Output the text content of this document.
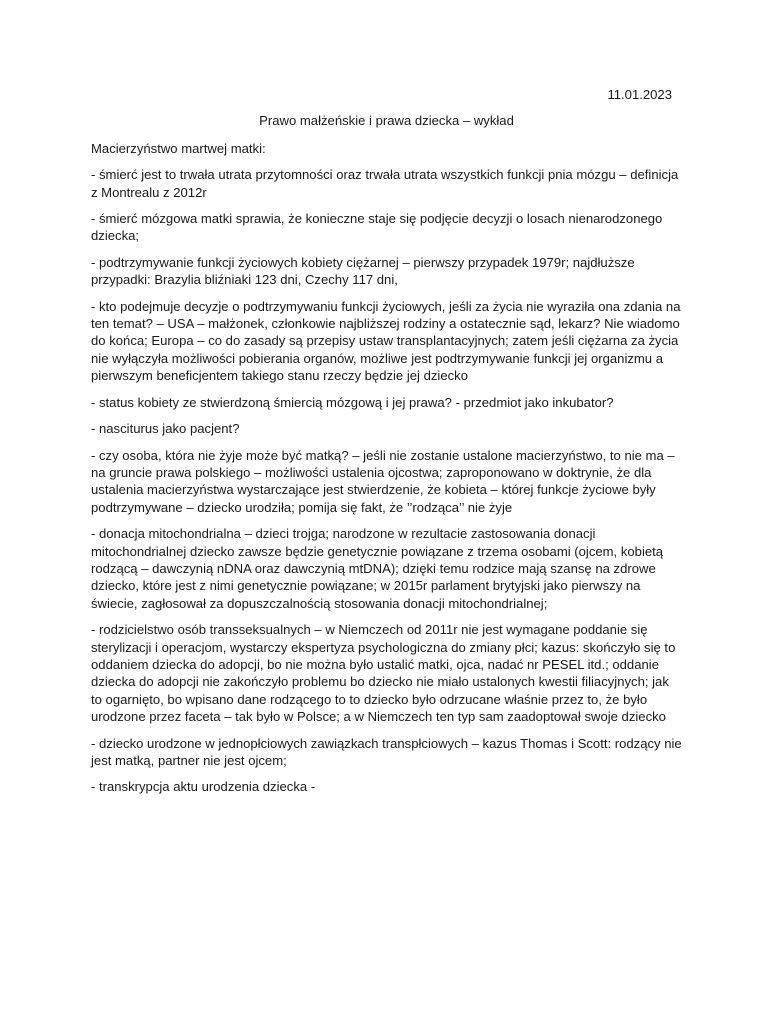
11.01.2023
Prawo małżeńskie i prawa dziecka – wykład
Macierzyństwo martwej matki:

- śmierć jest to trwała utrata przytomności oraz trwała utrata wszystkich funkcji pnia mózgu – definicja z Montrealu z 2012r

- śmierć mózgowa matki sprawia, że konieczne staje się podjęcie decyzji o losach nienarodzonego dziecka;

- podtrzymywanie funkcji życiowych kobiety ciężarnej – pierwszy przypadek 1979r; najdłuższe przypadki: Brazylia bliźniaki 123 dni, Czechy 117 dni,

- kto podejmuje decyzje o podtrzymywaniu funkcji życiowych, jeśli za życia nie wyraziła ona zdania na ten temat? – USA – małżonek, członkowie najbliższej rodziny a ostatecznie sąd, lekarz? Nie wiadomo do końca; Europa – co do zasady są przepisy ustaw transplantacyjnych; zatem jeśli ciężarna za życia nie wyłączyła możliwości pobierania organów, możliwe jest podtrzymywanie funkcji jej organizmu a pierwszym beneficjentem takiego stanu rzeczy będzie jej dziecko

- status kobiety ze stwierdzoną śmiercią mózgową i jej prawa? - przedmiot jako inkubator?

- nasciturus jako pacjent?

- czy osoba, która nie żyje może być matką? – jeśli nie zostanie ustalone macierzyństwo, to nie ma – na gruncie prawa polskiego – możliwości ustalenia ojcostwa; zaproponowano w doktrynie, że dla ustalenia macierzyństwa wystarczające jest stwierdzenie, że kobieta – której funkcje życiowe były podtrzymywane – dziecko urodziła; pomija się fakt, że ’’rodząca’’ nie żyje

- donacja mitochondrialna – dzieci trojga; narodzone w rezultacie zastosowania donacji mitochondrialnej dziecko zawsze będzie genetycznie powiązane z trzema osobami (ojcem, kobietą rodzącą – dawczynią nDNA oraz dawczynią mtDNA); dzięki temu rodzice mają szansę na zdrowe dziecko, które jest z nimi genetycznie powiązane; w 2015r parlament brytyjski jako pierwszy na świecie, zagłosował za dopuszczalnością stosowania donacji mitochondrialnej;

- rodzicielstwo osób transseksualnych – w Niemczech od 2011r nie jest wymagane poddanie się sterylizacji i operacjom, wystarczy ekspertyza psychologiczna do zmiany płci; kazus: skończyło się to oddaniem dziecka do adopcji, bo nie można było ustalić matki, ojca, nadać nr PESEL itd.; oddanie dziecka do adopcji nie zakończyło problemu bo dziecko nie miało ustalonych kwestii filiacyjnych; jak to ogarnięto, bo wpisano dane rodzącego to to dziecko było odrzucane właśnie przez to, że było urodzone przez faceta – tak było w Polsce; a w Niemczech ten typ sam zaadoptował swoje dziecko

- dziecko urodzone w jednopłciowych zawiązkach transpłciowych – kazus Thomas i Scott: rodzący nie jest matką, partner nie jest ojcem;

- transkrypcja aktu urodzenia dziecka -
